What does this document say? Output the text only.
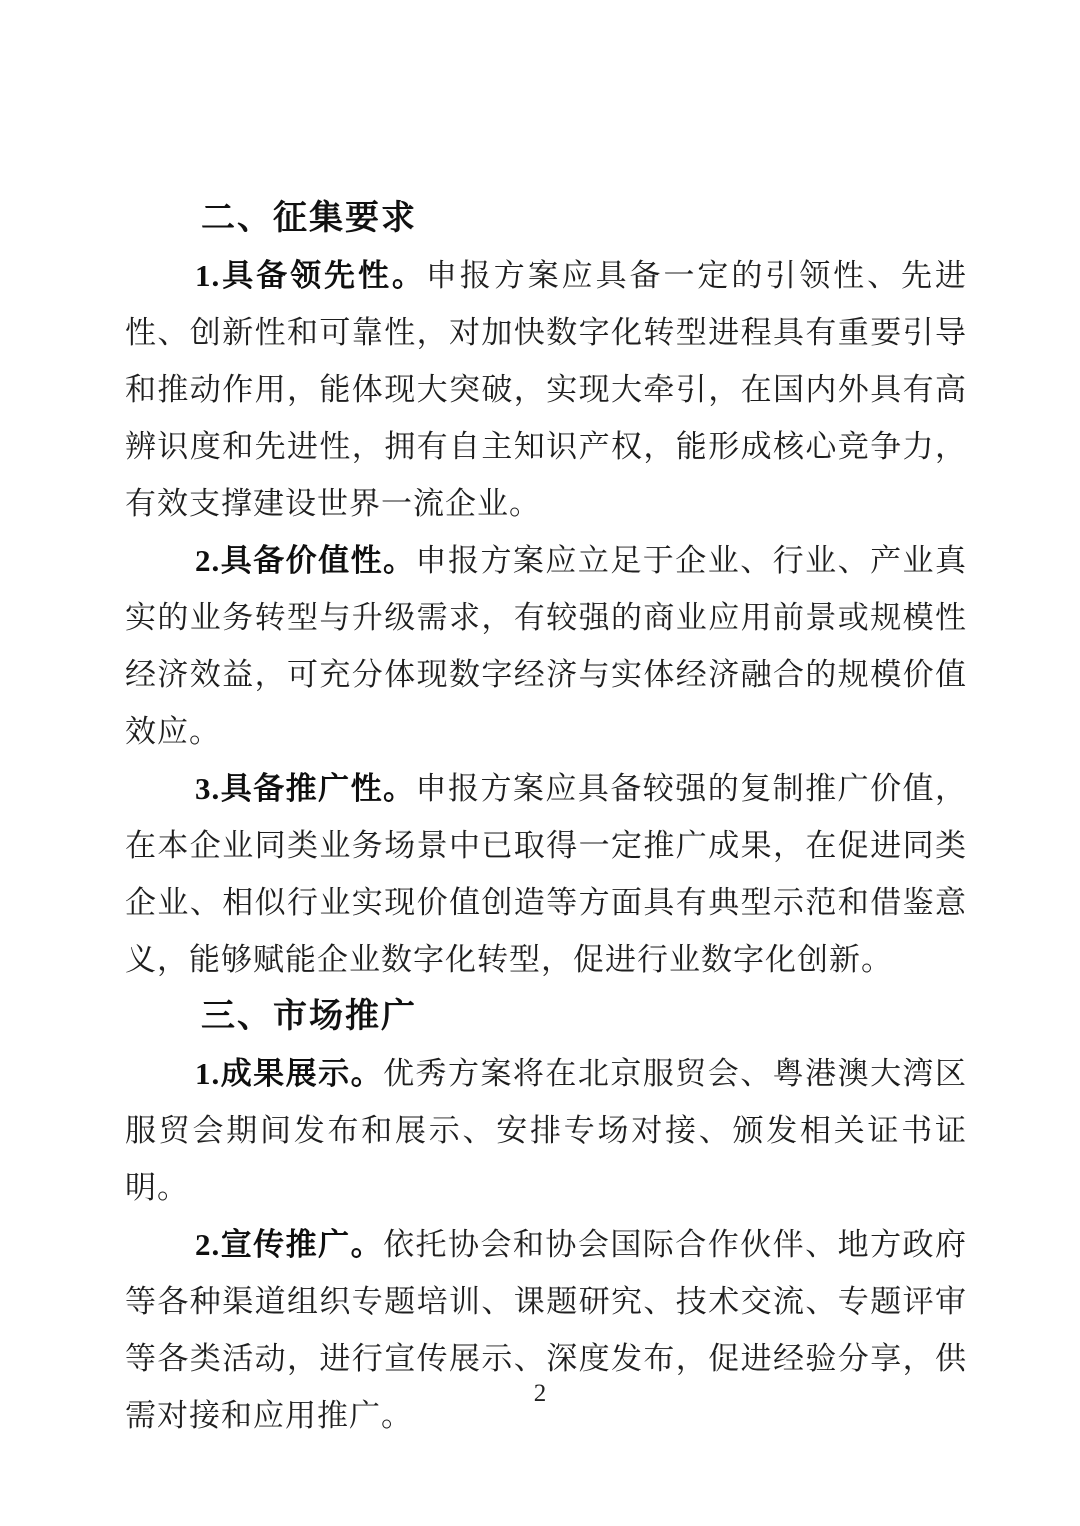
二、征集要求

1.具备领先性。申报方案应具备一定的引领性、先进性、创新性和可靠性，对加快数字化转型进程具有重要引导和推动作用，能体现大突破，实现大牵引，在国内外具有高辨识度和先进性，拥有自主知识产权，能形成核心竞争力，有效支撑建设世界一流企业。

2.具备价值性。申报方案应立足于企业、行业、产业真实的业务转型与升级需求，有较强的商业应用前景或规模性经济效益，可充分体现数字经济与实体经济融合的规模价值效应。

3.具备推广性。申报方案应具备较强的复制推广价值，在本企业同类业务场景中已取得一定推广成果，在促进同类企业、相似行业实现价值创造等方面具有典型示范和借鉴意义，能够赋能企业数字化转型，促进行业数字化创新。

三、市场推广

1.成果展示。优秀方案将在北京服贸会、粤港澳大湾区服贸会期间发布和展示、安排专场对接、颁发相关证书证明。

2.宣传推广。依托协会和协会国际合作伙伴、地方政府等各种渠道组织专题培训、课题研究、技术交流、专题评审等各类活动，进行宣传展示、深度发布，促进经验分享，供需对接和应用推广。

2
